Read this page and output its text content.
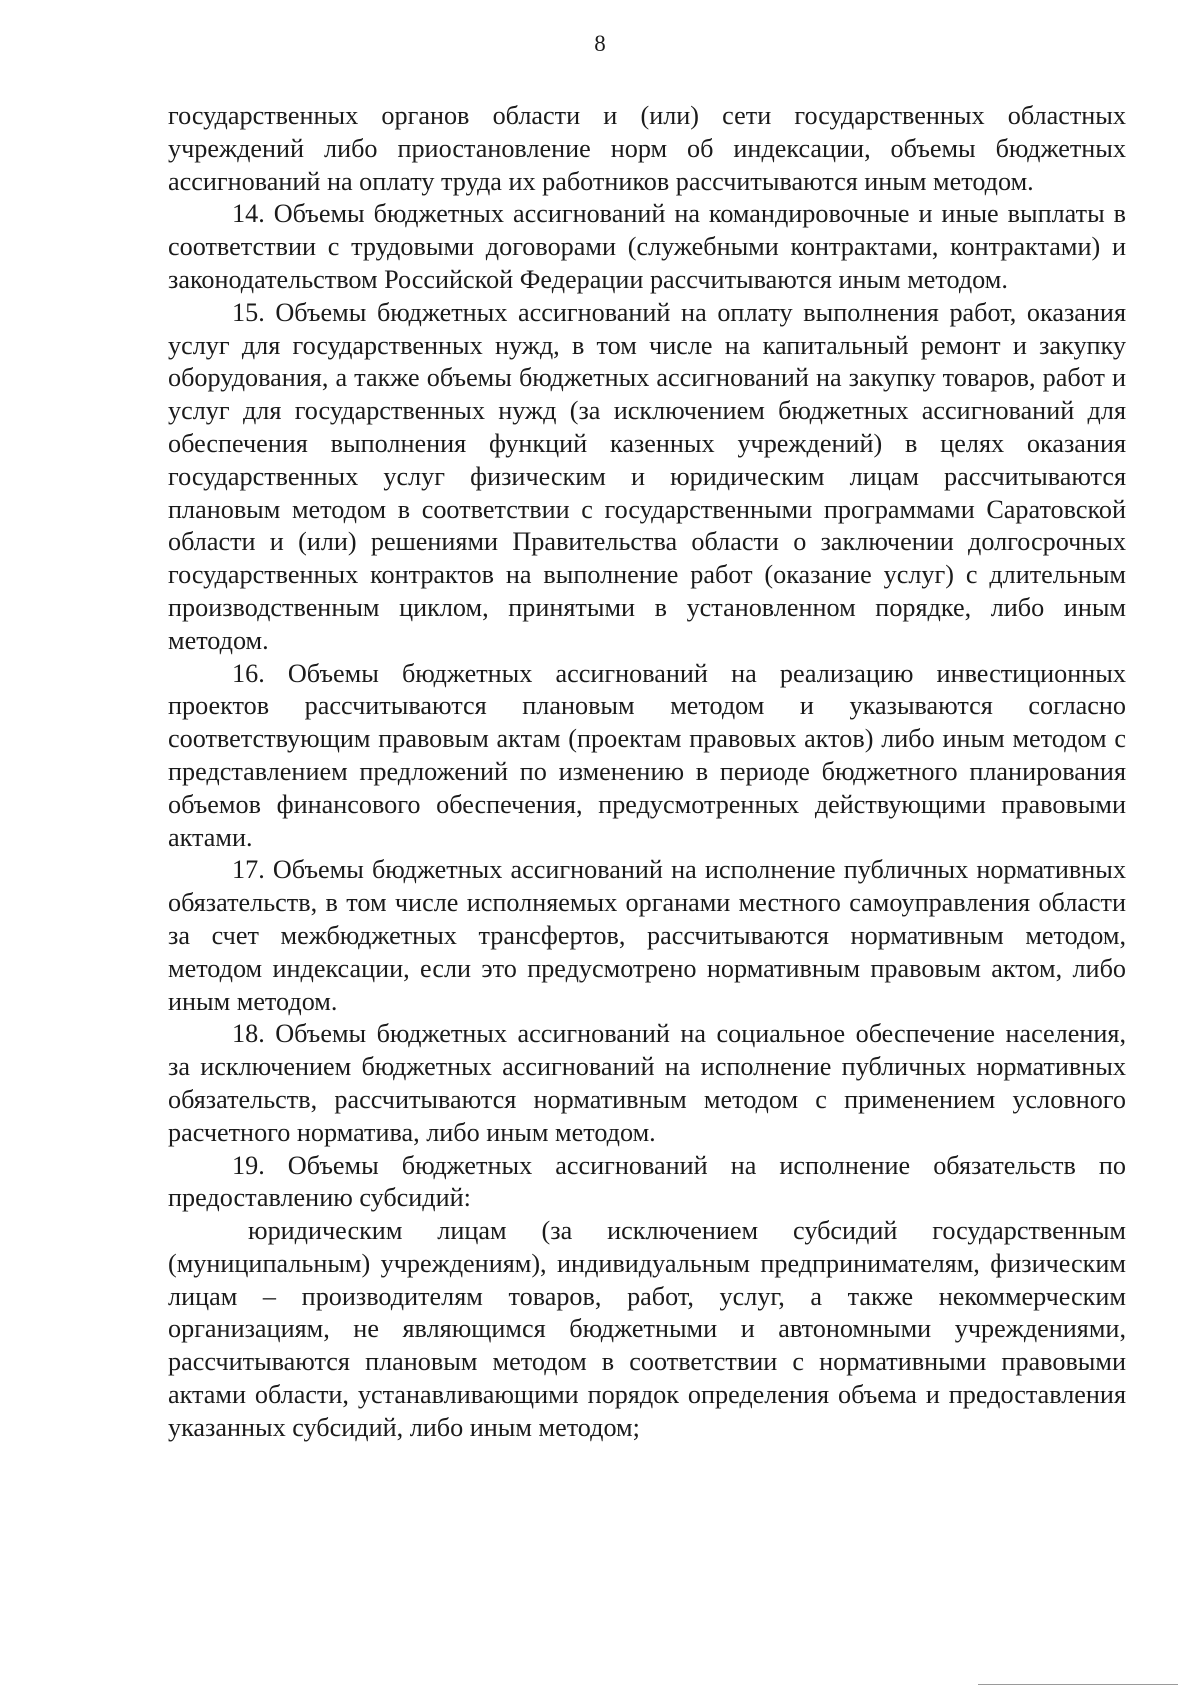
8

государственных органов области и (или) сети государственных областных учреждений либо приостановление норм об индексации, объемы бюджетных ассигнований на оплату труда их работников рассчитываются иным методом.

14. Объемы бюджетных ассигнований на командировочные и иные выплаты в соответствии с трудовыми договорами (служебными контрактами, контрактами) и законодательством Российской Федерации рассчитываются иным методом.

15. Объемы бюджетных ассигнований на оплату выполнения работ, оказания услуг для государственных нужд, в том числе на капитальный ремонт и закупку оборудования, а также объемы бюджетных ассигнований на закупку товаров, работ и услуг для государственных нужд (за исключением бюджетных ассигнований для обеспечения выполнения функций казенных учреждений) в целях оказания государственных услуг физическим и юридическим лицам рассчитываются плановым методом в соответствии с государственными программами Саратовской области и (или) решениями Правительства области о заключении долгосрочных государственных контрактов на выполнение работ (оказание услуг) с длительным производственным циклом, принятыми в установленном порядке, либо иным методом.

16. Объемы бюджетных ассигнований на реализацию инвестиционных проектов рассчитываются плановым методом и указываются согласно соответствующим правовым актам (проектам правовых актов) либо иным методом с представлением предложений по изменению в периоде бюджетного планирования объемов финансового обеспечения, предусмотренных действующими правовыми актами.

17. Объемы бюджетных ассигнований на исполнение публичных нормативных обязательств, в том числе исполняемых органами местного самоуправления области за счет межбюджетных трансфертов, рассчитываются нормативным методом, методом индексации, если это предусмотрено нормативным правовым актом, либо иным методом.

18. Объемы бюджетных ассигнований на социальное обеспечение населения, за исключением бюджетных ассигнований на исполнение публичных нормативных обязательств, рассчитываются нормативным методом с применением условного расчетного норматива, либо иным методом.

19. Объемы бюджетных ассигнований на исполнение обязательств по предоставлению субсидий:

юридическим лицам (за исключением субсидий государственным (муниципальным) учреждениям), индивидуальным предпринимателям, физическим лицам – производителям товаров, работ, услуг, а также некоммерческим организациям, не являющимся бюджетными и автономными учреждениями, рассчитываются плановым методом в соответствии с нормативными правовыми актами области, устанавливающими порядок определения объема и предоставления указанных субсидий, либо иным методом;
